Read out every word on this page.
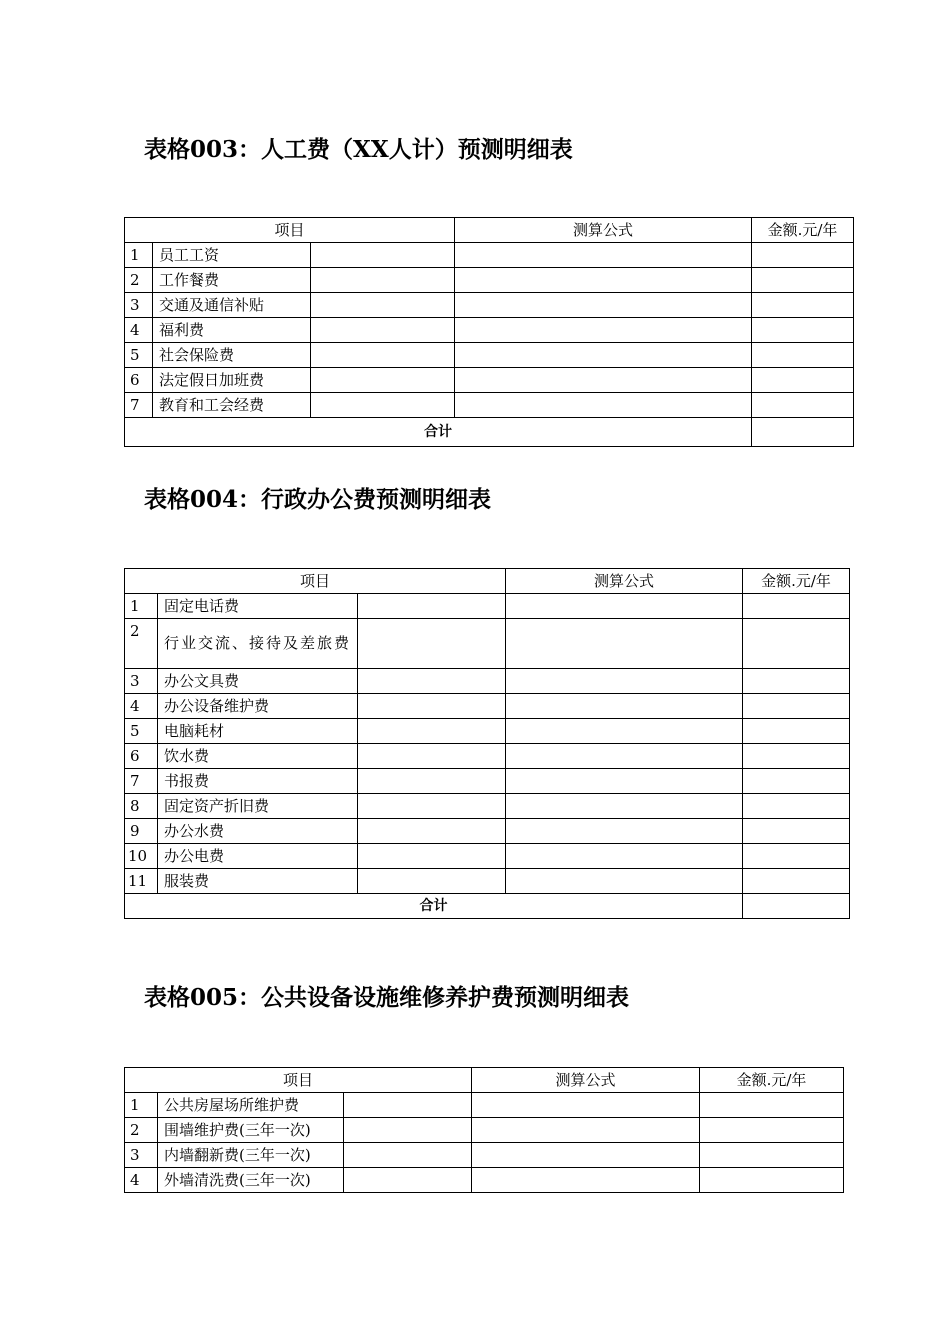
表格003：人工费（XX人计）预测明细表
项目			测算公式	金额.元/年
1	员工工资			
2	工作餐费			
3	交通及通信补贴			
4	福利费			
5	社会保险费			
6	法定假日加班费			
7	教育和工会经费			
合计				
表格004：行政办公费预测明细表
项目			测算公式	金额.元/年
1	固定电话费			
2	行业交流、接待及差旅费			
3	办公文具费			
4	办公设备维护费			
5	电脑耗材			
6	饮水费			
7	书报费			
8	固定资产折旧费			
9	办公水费			
10	办公电费			
11	服装费			
合计				
表格005：公共设备设施维修养护费预测明细表
项目			测算公式	金额.元/年
1	公共房屋场所维护费			
2	围墙维护费(三年一次)			
3	内墙翻新费(三年一次)			
4	外墙清洗费(三年一次)			
